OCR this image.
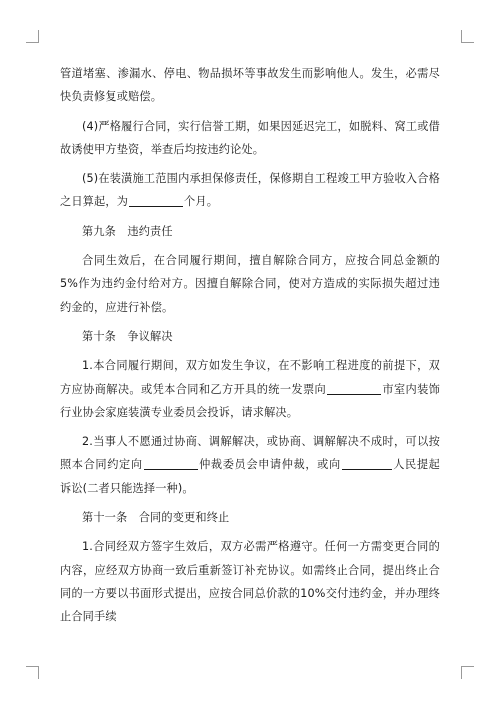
管道堵塞、渗漏水、停电、物品损坏等事故发生而影响他人。发生，必需尽快负责修复或赔偿。

(4)严格履行合同，实行信誉工期，如果因延迟完工，如脱料、窝工或借故诱使甲方垫资，举查后均按违约论处。

(5)在装潢施工范围内承担保修责任，保修期自工程竣工甲方验收入合格之日算起，为	个月。

第九条　违约责任

合同生效后，在合同履行期间，擅自解除合同方，应按合同总金额的5%作为违约金付给对方。因擅自解除合同，使对方造成的实际损失超过违约金的，应进行补偿。

第十条　争议解决

1.本合同履行期间，双方如发生争议，在不影响工程进度的前提下，双方应协商解决。或凭本合同和乙方开具的统一发票向	市室内装饰行业协会家庭装潢专业委员会投诉，请求解决。

2.当事人不愿通过协商、调解解决，或协商、调解解决不成时，可以按照本合同约定向	仲裁委员会申请仲裁，或向	人民提起诉讼(二者只能选择一种)。

第十一条　合同的变更和终止

1.合同经双方签字生效后，双方必需严格遵守。任何一方需变更合同的内容，应经双方协商一致后重新签订补充协议。如需终止合同，提出终止合同的一方要以书面形式提出，应按合同总价款的10%交付违约金，并办理终止合同手续
